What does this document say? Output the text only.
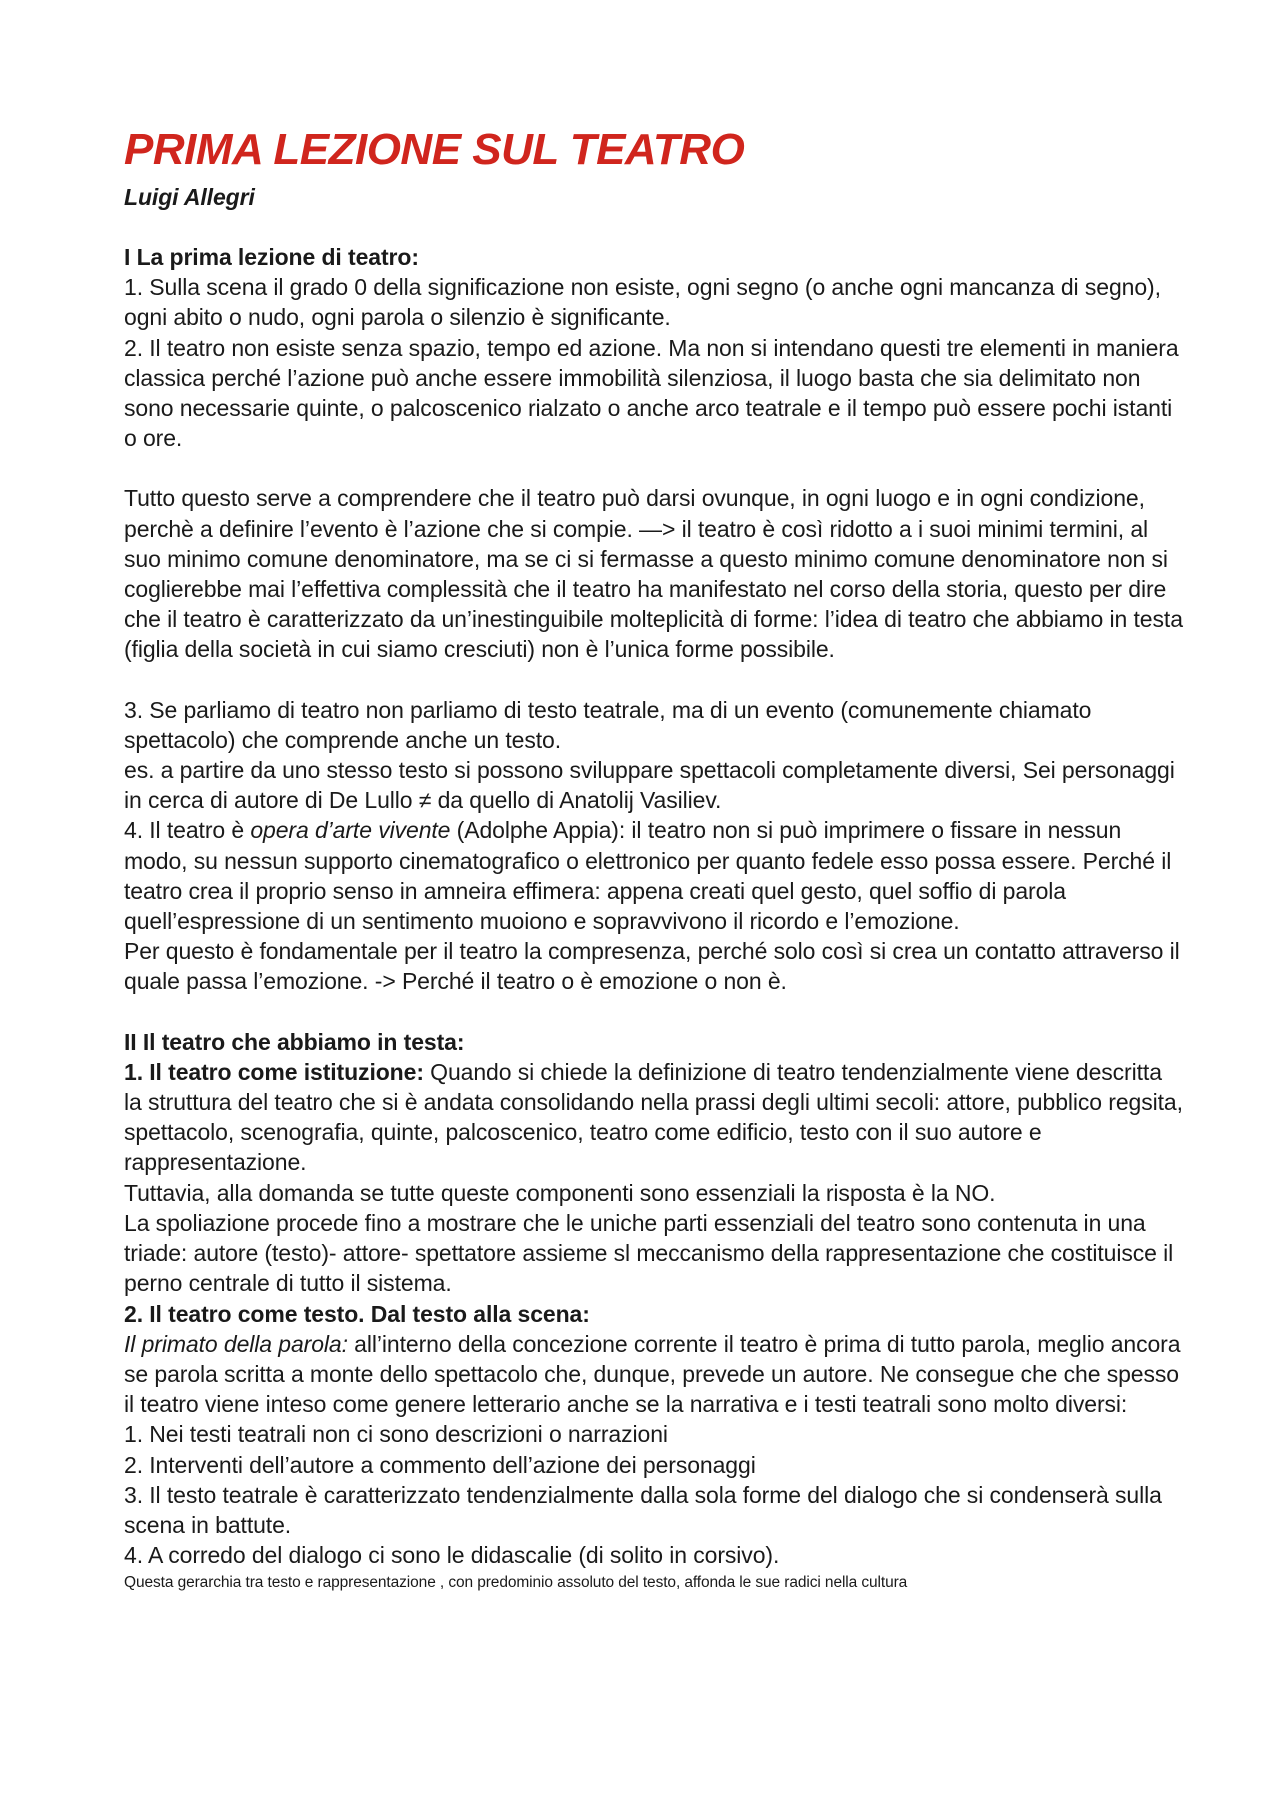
PRIMA LEZIONE SUL TEATRO

Luigi Allegri

I La prima lezione di teatro:

1. Sulla scena il grado 0 della significazione non esiste, ogni segno (o anche ogni mancanza di segno), ogni abito o nudo, ogni parola o silenzio è significante.

2. Il teatro non esiste senza spazio, tempo ed azione. Ma non si intendano questi tre elementi in maniera classica perché l’azione può anche essere immobilità silenziosa, il luogo basta che sia delimitato non sono necessarie quinte, o palcoscenico rialzato o anche arco teatrale e il tempo può essere pochi istanti o ore.

Tutto questo serve a comprendere che il teatro può darsi ovunque, in ogni luogo e in ogni condizione, perchè a definire l’evento è l’azione che si compie. —> il teatro è così ridotto a i suoi minimi termini, al suo minimo comune denominatore, ma se ci si fermasse a questo minimo comune denominatore non si coglierebbe mai l’effettiva complessità che il teatro ha manifestato nel corso della storia, questo per dire che il teatro è caratterizzato da un’inestinguibile molteplicità di forme: l’idea di teatro che abbiamo in testa (figlia della società in cui siamo cresciuti) non è l’unica forme possibile.

3. Se parliamo di teatro non parliamo di testo teatrale, ma di un evento (comunemente chiamato spettacolo) che comprende anche un testo.

es. a partire da uno stesso testo si possono sviluppare spettacoli completamente diversi, Sei personaggi in cerca di autore di De Lullo ≠ da quello di Anatolij Vasiliev.

4. Il teatro è opera d’arte vivente (Adolphe Appia): il teatro non si può imprimere o fissare in nessun modo, su nessun supporto cinematografico o elettronico per quanto fedele esso possa essere. Perché il teatro crea il proprio senso in amneira effimera: appena creati quel gesto, quel soffio di parola quell’espressione di un sentimento muoiono e sopravvivono il ricordo e l’emozione.

Per questo è fondamentale per il teatro la compresenza, perché solo così si crea un contatto attraverso il quale passa l’emozione. -> Perché il teatro o è emozione o non è.

II Il teatro che abbiamo in testa:

1. Il teatro come istituzione: Quando si chiede la definizione di teatro tendenzialmente viene descritta la struttura del teatro che si è andata consolidando nella prassi degli ultimi secoli: attore, pubblico regsita, spettacolo, scenografia, quinte, palcoscenico, teatro come edificio, testo con il suo autore e rappresentazione.

Tuttavia, alla domanda se tutte queste componenti sono essenziali la risposta è la NO.

La spoliazione procede fino a mostrare che le uniche parti essenziali del teatro sono contenuta in una triade: autore (testo)- attore- spettatore assieme sl meccanismo della rappresentazione che costituisce il perno centrale di tutto il sistema.

2. Il teatro come testo. Dal testo alla scena:

Il primato della parola: all’interno della concezione corrente il teatro è prima di tutto parola, meglio ancora se parola scritta a monte dello spettacolo che, dunque, prevede un autore. Ne consegue che che spesso il teatro viene inteso come genere letterario anche se la narrativa e i testi teatrali sono molto diversi:

1. Nei testi teatrali non ci sono descrizioni o narrazioni

2. Interventi dell’autore a commento dell’azione dei personaggi

3. Il testo teatrale è caratterizzato tendenzialmente dalla sola forme del dialogo che si condenserà sulla scena in battute.

4. A corredo del dialogo ci sono le didascalie (di solito in corsivo).

Questa gerarchia tra testo e rappresentazione , con predominio assoluto del testo, affonda le sue radici nella cultura
